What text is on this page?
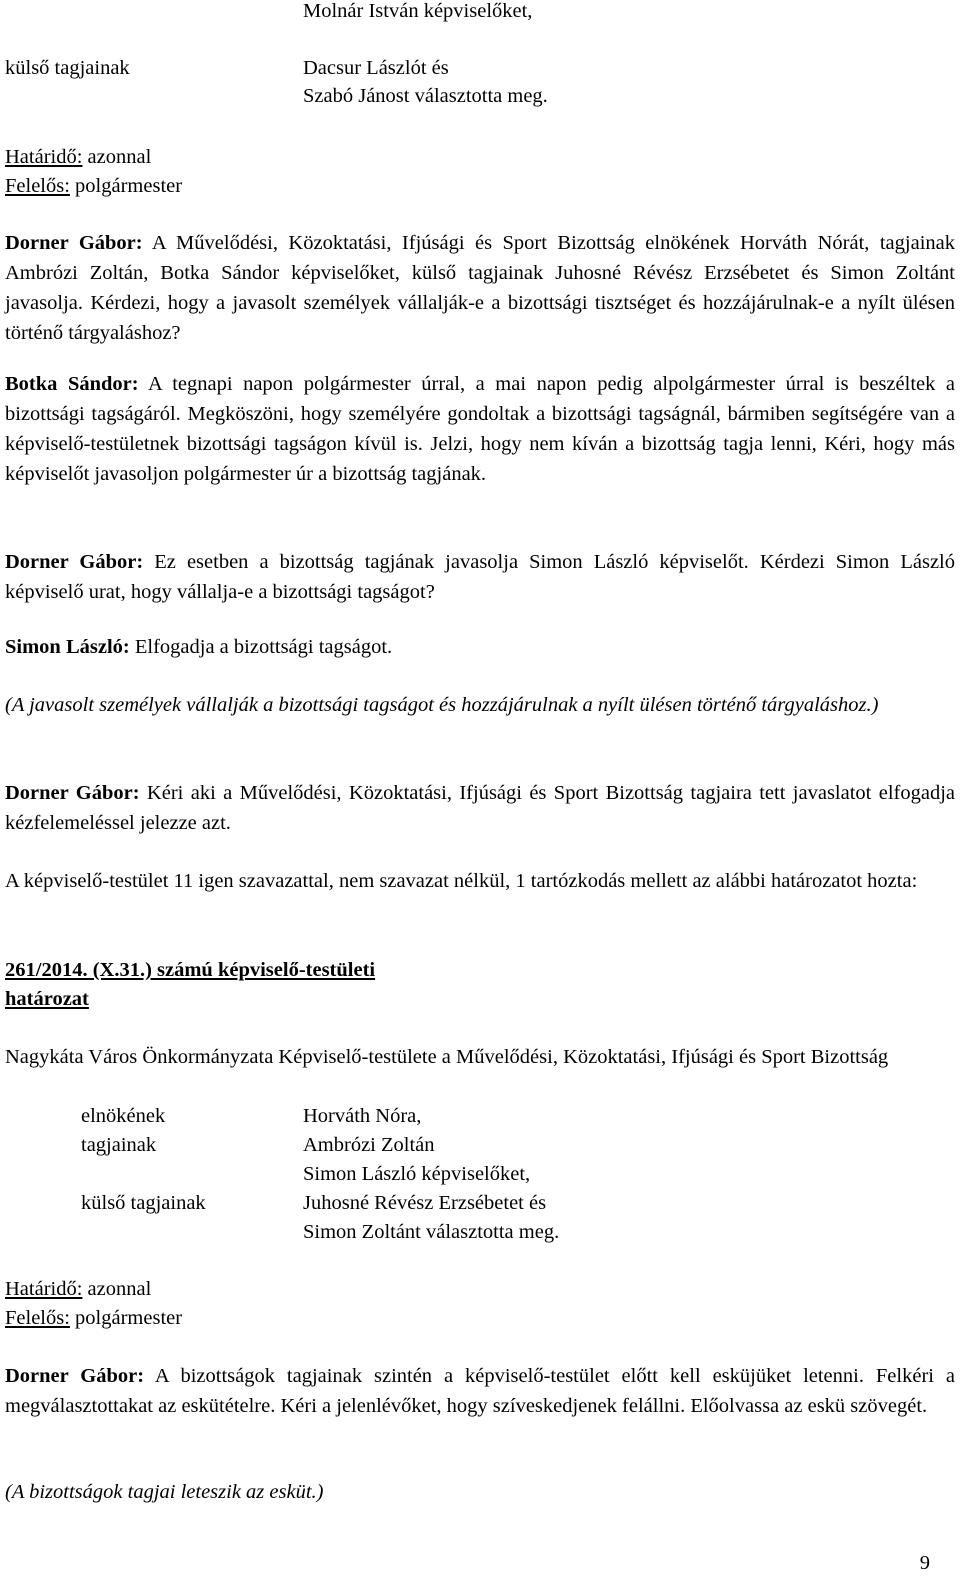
Molnár István képviselőket,
külső tagjainak	Dacsur Lászlót és
Szabó Jánost választotta meg.
Határidő: azonnal
Felelős: polgármester
Dorner Gábor: A Művelődési, Közoktatási, Ifjúsági és Sport Bizottság elnökének Horváth Nórát, tagjainak Ambrózi Zoltán, Botka Sándor képviselőket, külső tagjainak Juhosné Révész Erzsébetet és Simon Zoltánt javasolja. Kérdezi, hogy a javasolt személyek vállalják-e a bizottsági tisztséget és hozzájárulnak-e a nyílt ülésen történő tárgyaláshoz?
Botka Sándor: A tegnapi napon polgármester úrral, a mai napon pedig alpolgármester úrral is beszéltek a bizottsági tagságáról. Megköszöni, hogy személyére gondoltak a bizottsági tagságnál, bármiben segítségére van a képviselő-testületnek bizottsági tagságon kívül is. Jelzi, hogy nem kíván a bizottság tagja lenni, Kéri, hogy más képviselőt javasoljon polgármester úr a bizottság tagjának.
Dorner Gábor: Ez esetben a bizottság tagjának javasolja Simon László képviselőt. Kérdezi Simon László képviselő urat, hogy vállalja-e a bizottsági tagságot?
Simon László: Elfogadja a bizottsági tagságot.
(A javasolt személyek vállalják a bizottsági tagságot és hozzájárulnak a nyílt ülésen történő tárgyaláshoz.)
Dorner Gábor: Kéri aki a Művelődési, Közoktatási, Ifjúsági és Sport Bizottság tagjaira tett javaslatot elfogadja kézfelemeléssel jelezze azt.
A képviselő-testület 11 igen szavazattal, nem szavazat nélkül, 1 tartózkodás mellett az alábbi határozatot hozta:
261/2014. (X.31.) számú képviselő-testületi
határozat
Nagykáta Város Önkormányzata Képviselő-testülete a Művelődési, Közoktatási, Ifjúsági és Sport Bizottság
elnökének	Horváth Nóra,
tagjainak	Ambrózi Zoltán
Simon László képviselőket,
külső tagjainak	Juhosné Révész Erzsébetet és
Simon Zoltánt választotta meg.
Határidő: azonnal
Felelős: polgármester
Dorner Gábor: A bizottságok tagjainak szintén a képviselő-testület előtt kell esküjüket letenni. Felkéri a megválasztottakat az eskütételre. Kéri a jelenlévőket, hogy szíveskedjenek felállni. Előolvassa az eskü szövegét.
(A bizottságok tagjai leteszik az esküt.)
9
